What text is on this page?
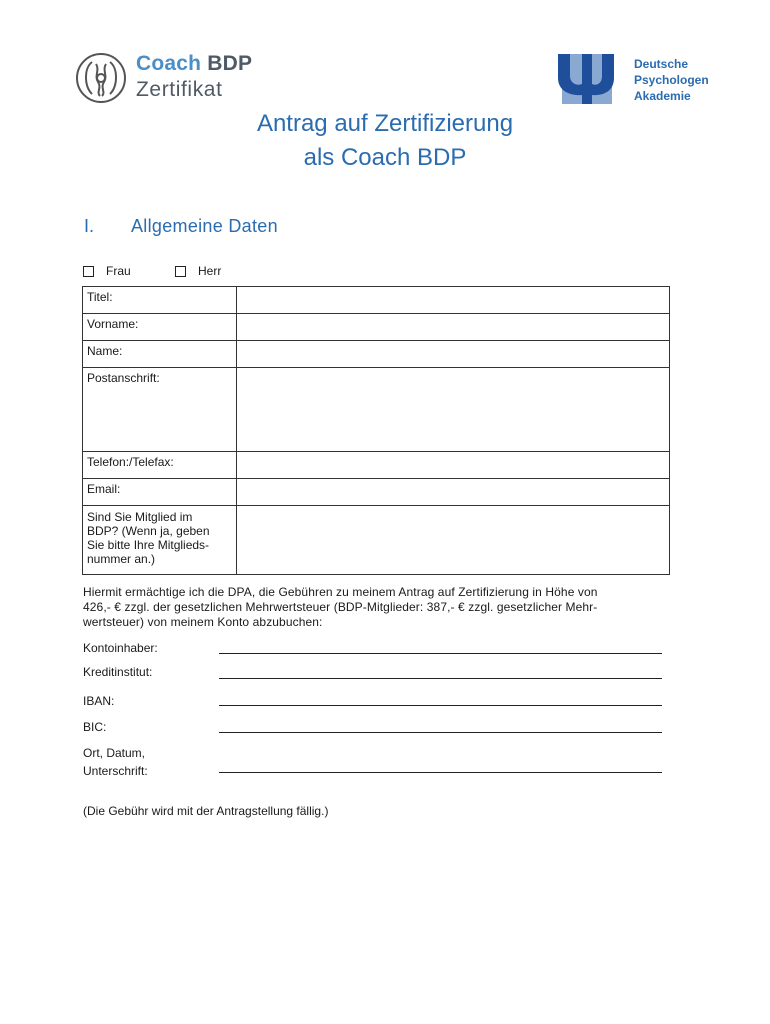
Coach BDP
Zertifikat
Deutsche
Psychologen
Akademie
Antrag auf Zertifizierung
als Coach BDP
I. Allgemeine Daten
Frau	Herr
Titel:	
Vorname:	
Name:	
Postanschrift:	
Telefon:/Telefax:	
Email:	

Sind Sie Mitglied im
BDP? (Wenn ja, geben
Sie bitte Ihre Mitglieds-
nummer an.)	

Hiermit ermächtige ich die DPA, die Gebühren zu meinem Antrag auf Zertifizierung in Höhe von
426,- € zzgl. der gesetzlichen Mehrwertsteuer (BDP-Mitglieder: 387,- € zzgl. gesetzlicher Mehr-
wertsteuer) von meinem Konto abzubuchen:
Kontoinhaber:
Kreditinstitut:
IBAN:
BIC:
Ort, Datum,
Unterschrift:
(Die Gebühr wird mit der Antragstellung fällig.)
